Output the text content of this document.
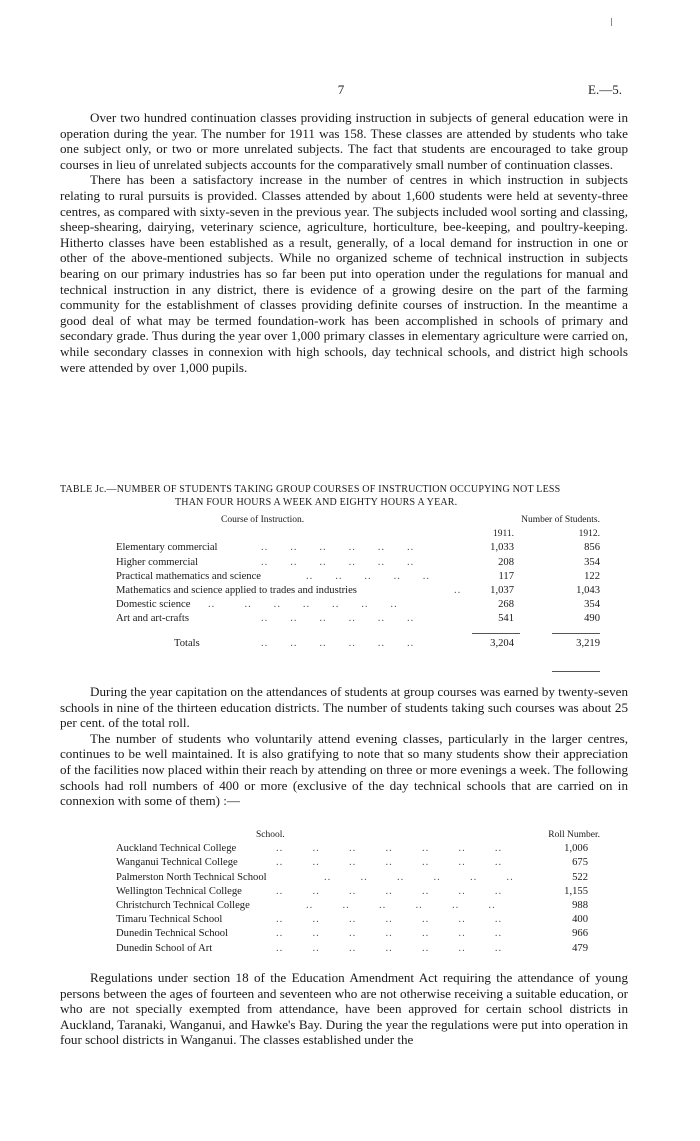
7	E.—5.

Over two hundred continuation classes providing instruction in subjects of general education were in operation during the year. The number for 1911 was 158. These classes are attended by students who take one subject only, or two or more unrelated subjects. The fact that students are encouraged to take group courses in lieu of unrelated subjects accounts for the comparatively small number of continuation classes.

There has been a satisfactory increase in the number of centres in which instruction in subjects relating to rural pursuits is provided. Classes attended by about 1,600 students were held at seventy-three centres, as compared with sixty-seven in the previous year. The subjects included wool sorting and classing, sheep-shearing, dairying, veterinary science, agriculture, horticulture, bee-keeping, and poultry-keeping. Hitherto classes have been established as a result, generally, of a local demand for instruction in one or other of the above-mentioned subjects. While no organized scheme of technical instruction in subjects bearing on our primary industries has so far been put into operation under the regulations for manual and technical instruction in any district, there is evidence of a growing desire on the part of the farming community for the establishment of classes providing definite courses of instruction. In the meantime a good deal of what may be termed foundation-work has been accomplished in schools of primary and secondary grade. Thus during the year over 1,000 primary classes in elementary agriculture were carried on, while secondary classes in connexion with high schools, day technical schools, and district high schools were attended by over 1,000 pupils.

TABLE Jc.—NUMBER OF STUDENTS TAKING GROUP COURSES OF INSTRUCTION OCCUPYING NOT LESS
THAN FOUR HOURS A WEEK AND EIGHTY HOURS A YEAR.
Course of Instruction.	Number of Students.
1911.	1912.
Elementary commercial	..      ..      ..      ..      ..      ..	1,033	856
Higher commercial	..      ..      ..      ..      ..      ..	208	354
Practical mathematics and science	..      ..      ..      ..      ..	117	122
Mathematics and science applied to trades and industries	..	1,037	1,043
Domestic science ..        ..      ..      ..      ..      ..      ..	268	354
Art and art-crafts	..      ..      ..      ..      ..      ..	541	490
Totals	..      ..      ..      ..      ..      ..	3,204	3,219

During the year capitation on the attendances of students at group courses was earned by twenty-seven schools in nine of the thirteen education districts. The number of students taking such courses was about 25 per cent. of the total roll.

The number of students who voluntarily attend evening classes, particularly in the larger centres, continues to be well maintained. It is also gratifying to note that so many students show their appreciation of the facilities now placed within their reach by attending on three or more evenings a week. The following schools had roll numbers of 400 or more (exclusive of the day technical schools that are carried on in connexion with some of them) :—

School.	Roll Number.
Auckland Technical College	..        ..        ..        ..        ..        ..        ..	1,006
Wanganui Technical College	..        ..        ..        ..        ..        ..        ..	675
Palmerston North Technical School	..        ..        ..        ..        ..        ..	522
Wellington Technical College	..        ..        ..        ..        ..        ..        ..	1,155
Christchurch Technical College	..        ..        ..        ..        ..        ..	988
Timaru Technical School	..        ..        ..        ..        ..        ..        ..	400
Dunedin Technical School	..        ..        ..        ..        ..        ..        ..	966
Dunedin School of Art	..        ..        ..        ..        ..        ..        ..	479

Regulations under section 18 of the Education Amendment Act requiring the attendance of young persons between the ages of fourteen and seventeen who are not otherwise receiving a suitable education, or who are not specially exempted from attendance, have been approved for certain school districts in Auckland, Taranaki, Wanganui, and Hawke's Bay. During the year the regulations were put into operation in four school districts in Wanganui. The classes established under the
